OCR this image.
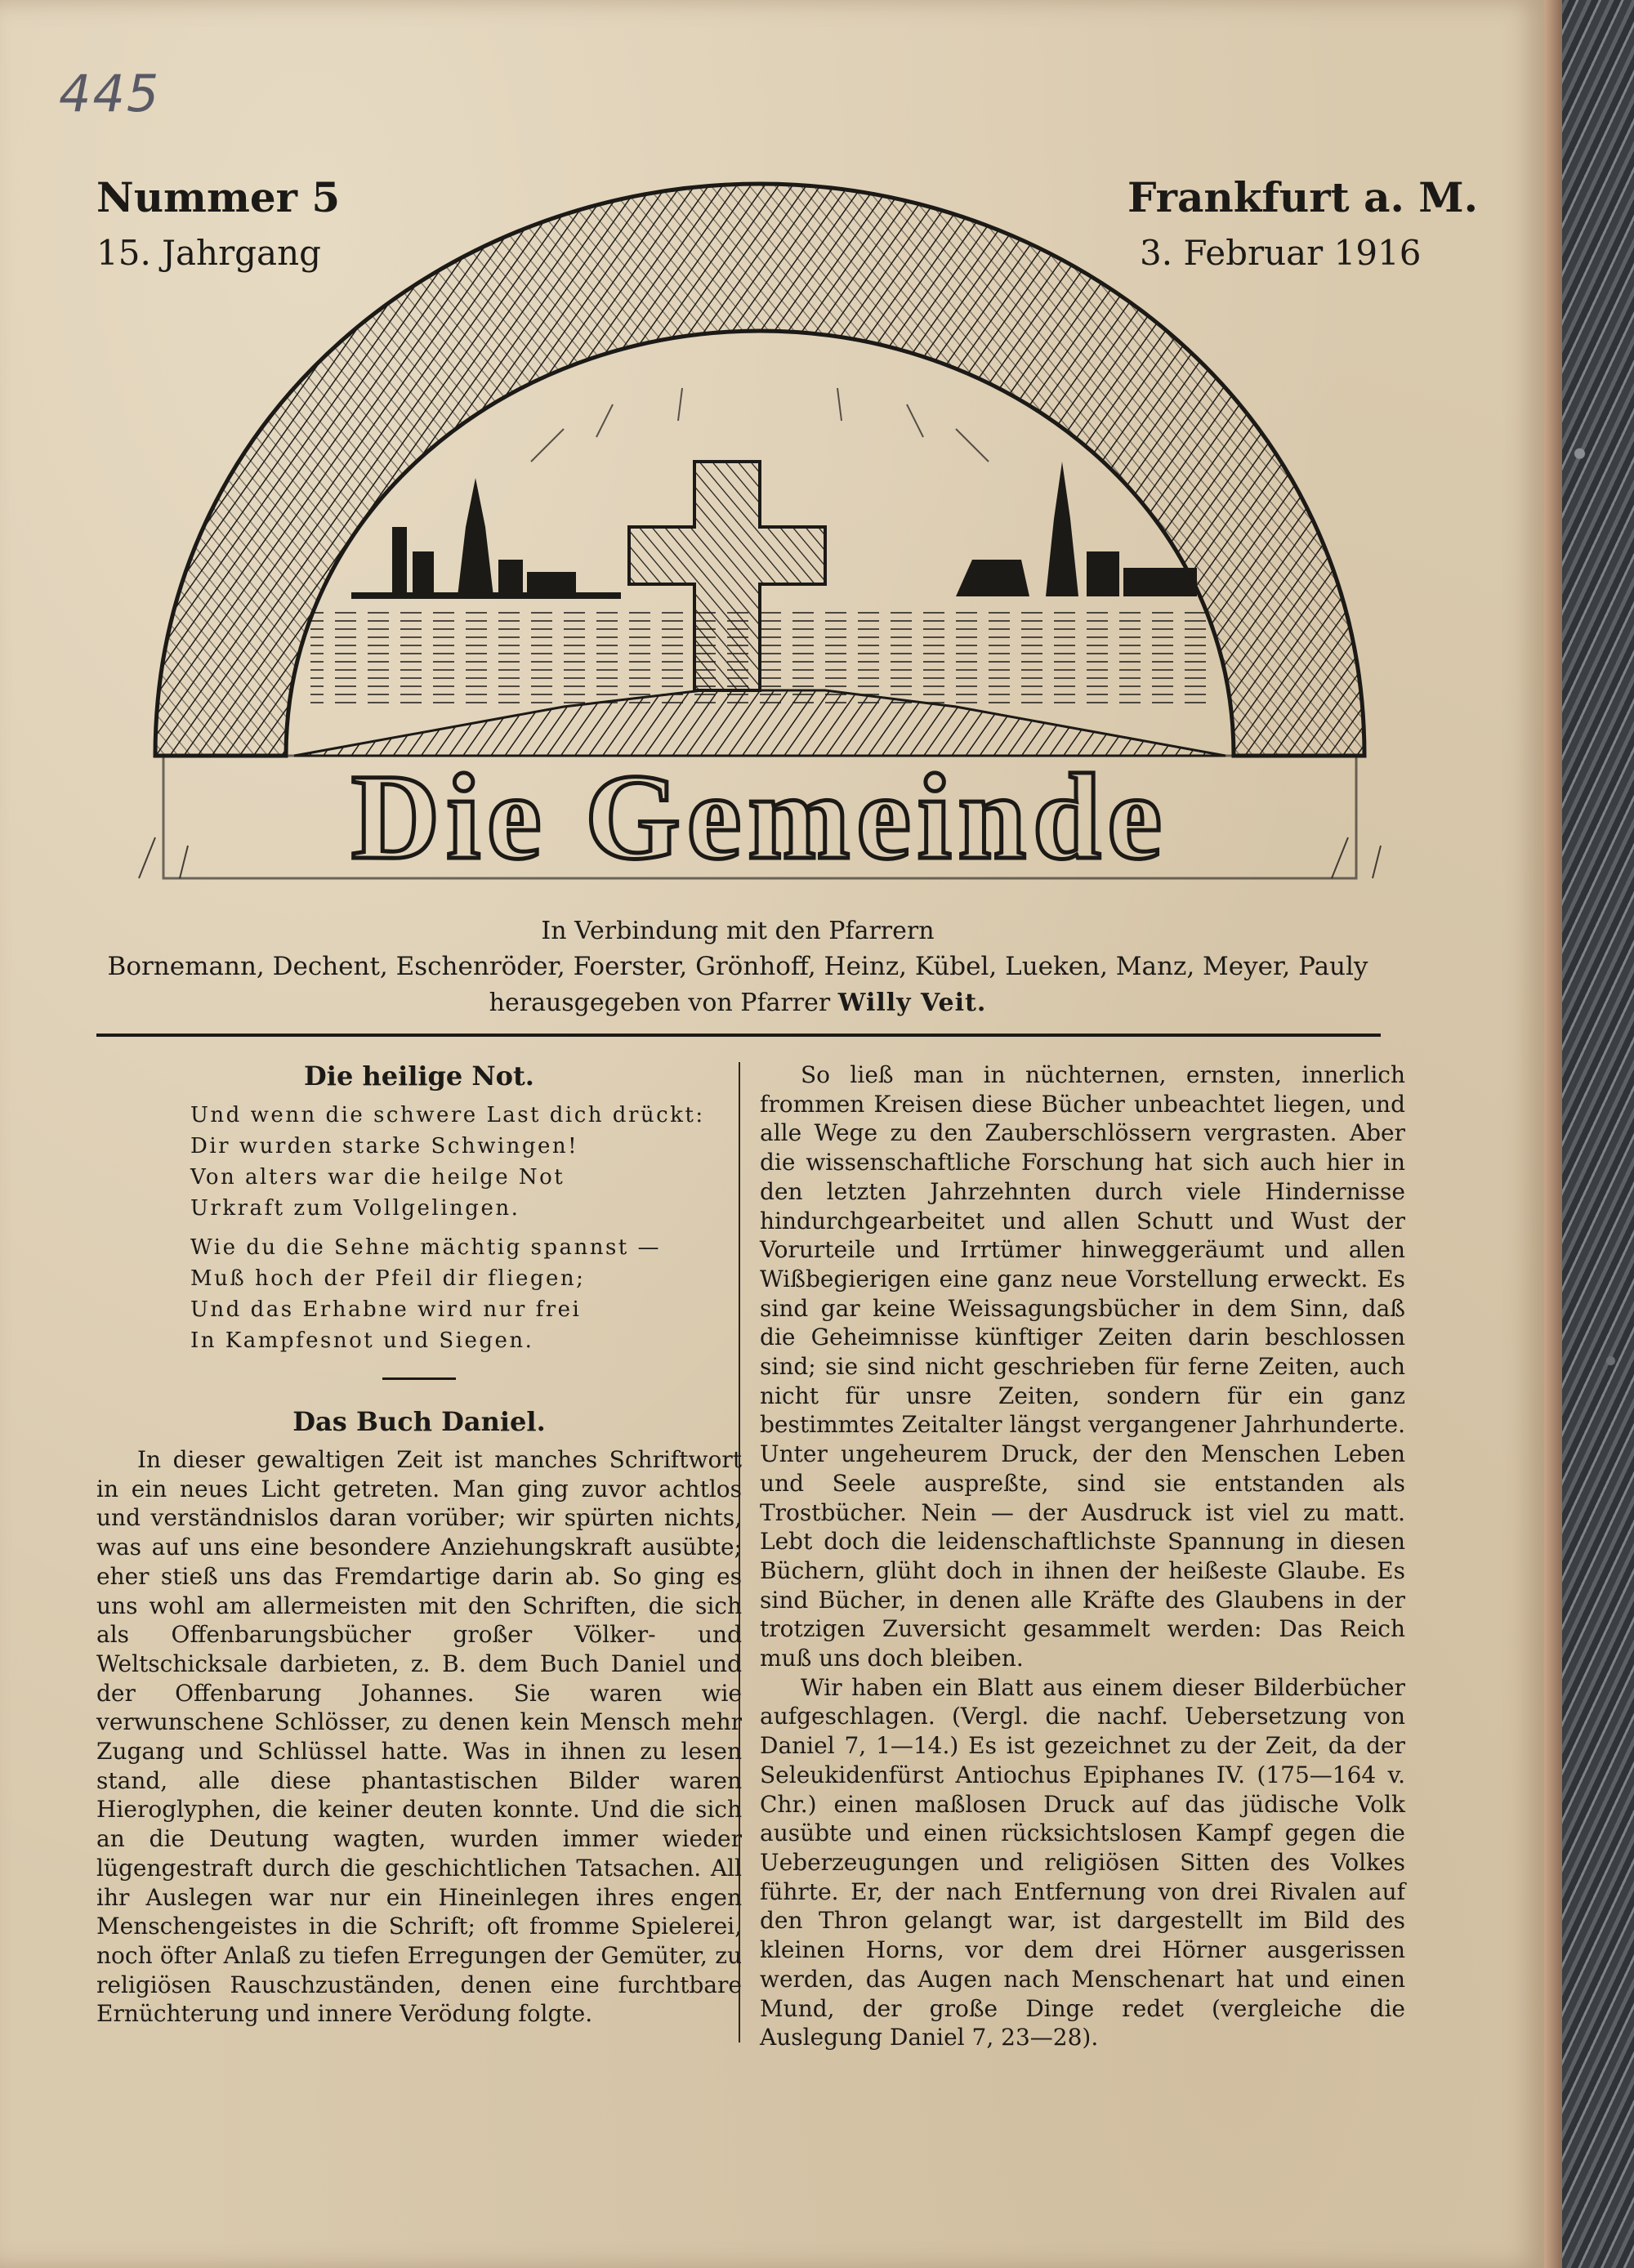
445
Nummer 5	Frankfurt a. M.
15. Jahrgang	3. Februar 1916
Die Gemeinde
In Verbindung mit den Pfarrern
Bornemann, Dechent, Eschenröder, Foerster, Grönhoff, Heinz, Kübel, Lueken, Manz, Meyer, Pauly
herausgegeben von Pfarrer Willy Veit.
Die heilige Not.
Und wenn die schwere Last dich drückt:
Dir wurden starke Schwingen!
Von alters war die heilge Not
Urkraft zum Vollgelingen.
Wie du die Sehne mächtig spannst —
Muß hoch der Pfeil dir fliegen;
Und das Erhabne wird nur frei
In Kampfesnot und Siegen.
Das Buch Daniel.

In dieser gewaltigen Zeit ist manches Schriftwort in ein neues Licht getreten. Man ging zuvor achtlos und verständnislos daran vorüber; wir spürten nichts, was auf uns eine besondere Anziehungskraft ausübte; eher stieß uns das Fremdartige darin ab. So ging es uns wohl am allermeisten mit den Schriften, die sich als Offenbarungsbücher großer Völker- und Weltschicksale darbieten, z. B. dem Buch Daniel und der Offenbarung Johannes. Sie waren wie verwunschene Schlösser, zu denen kein Mensch mehr Zugang und Schlüssel hatte. Was in ihnen zu lesen stand, alle diese phantastischen Bilder waren Hieroglyphen, die keiner deuten konnte. Und die sich an die Deutung wagten, wurden immer wieder lügengestraft durch die geschichtlichen Tatsachen. All ihr Auslegen war nur ein Hineinlegen ihres engen Menschengeistes in die Schrift; oft fromme Spielerei, noch öfter Anlaß zu tiefen Erregungen der Gemüter, zu religiösen Rauschzuständen, denen eine furchtbare Ernüchterung und innere Verödung folgte.

So ließ man in nüchternen, ernsten, innerlich frommen Kreisen diese Bücher unbeachtet liegen, und alle Wege zu den Zauberschlössern vergrasten. Aber die wissenschaftliche Forschung hat sich auch hier in den letzten Jahrzehnten durch viele Hindernisse hindurchgearbeitet und allen Schutt und Wust der Vorurteile und Irrtümer hinweggeräumt und allen Wißbegierigen eine ganz neue Vorstellung erweckt. Es sind gar keine Weissagungsbücher in dem Sinn, daß die Geheimnisse künftiger Zeiten darin beschlossen sind; sie sind nicht geschrieben für ferne Zeiten, auch nicht für unsre Zeiten, sondern für ein ganz bestimmtes Zeitalter längst vergangener Jahrhunderte. Unter ungeheurem Druck, der den Menschen Leben und Seele auspreßte, sind sie entstanden als Trostbücher. Nein — der Ausdruck ist viel zu matt. Lebt doch die leidenschaftlichste Spannung in diesen Büchern, glüht doch in ihnen der heißeste Glaube. Es sind Bücher, in denen alle Kräfte des Glaubens in der trotzigen Zuversicht gesammelt werden: Das Reich muß uns doch bleiben.

Wir haben ein Blatt aus einem dieser Bilderbücher aufgeschlagen. (Vergl. die nachf. Uebersetzung von Daniel 7, 1—14.) Es ist gezeichnet zu der Zeit, da der Seleukidenfürst Antiochus Epiphanes IV. (175—164 v. Chr.) einen maßlosen Druck auf das jüdische Volk ausübte und einen rücksichtslosen Kampf gegen die Ueberzeugungen und religiösen Sitten des Volkes führte. Er, der nach Entfernung von drei Rivalen auf den Thron gelangt war, ist dargestellt im Bild des kleinen Horns, vor dem drei Hörner ausgerissen werden, das Augen nach Menschenart hat und einen Mund, der große Dinge redet (vergleiche die Auslegung Daniel 7, 23—28).
